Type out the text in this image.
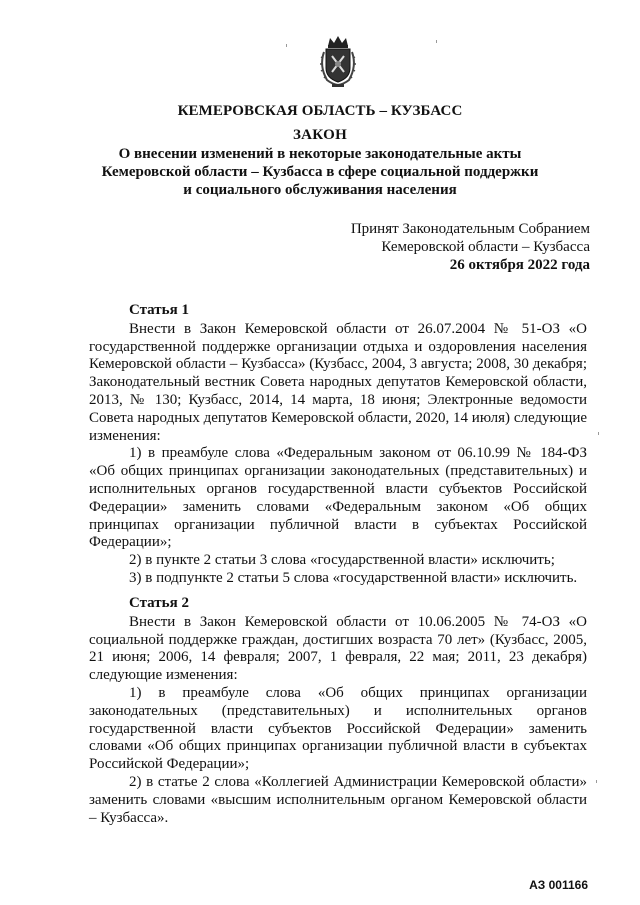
КЕМЕРОВСКАЯ ОБЛАСТЬ – КУЗБАСС
ЗАКОН
О внесении изменений в некоторые законодательные акты
Кемеровской области – Кузбасса в сфере социальной поддержки
и социального обслуживания населения
Принят Законодательным Собранием
Кемеровской области – Кузбасса
26 октября 2022 года
Статья 1

Внести в Закон Кемеровской области от 26.07.2004 № 51-ОЗ «О государственной поддержке организации отдыха и оздоровления населения Кемеровской области – Кузбасса» (Кузбасс, 2004, 3 августа; 2008, 30 декабря; Законодательный вестник Совета народных депутатов Кемеровской области, 2013, № 130; Кузбасс, 2014, 14 марта, 18 июня; Электронные ведомости Совета народных депутатов Кемеровской области, 2020, 14 июля) следующие изменения:

1) в преамбуле слова «Федеральным законом от 06.10.99 № 184-ФЗ «Об общих принципах организации законодательных (представительных) и исполнительных органов государственной власти субъектов Российской Федерации» заменить словами «Федеральным законом «Об общих принципах организации публичной власти в субъектах Российской Федерации»;

2) в пункте 2 статьи 3 слова «государственной власти» исключить;

3) в подпункте 2 статьи 5 слова «государственной власти» исключить.

Статья 2

Внести в Закон Кемеровской области от 10.06.2005 № 74-ОЗ «О социальной поддержке граждан, достигших возраста 70 лет» (Кузбасс, 2005, 21 июня; 2006, 14 февраля; 2007, 1 февраля, 22 мая; 2011, 23 декабря) следующие изменения:

1) в преамбуле слова «Об общих принципах организации законодательных (представительных) и исполнительных органов государственной власти субъектов Российской Федерации» заменить словами «Об общих принципах организации публичной власти в субъектах Российской Федерации»;

2) в статье 2 слова «Коллегией Администрации Кемеровской области» заменить словами «высшим исполнительным органом Кемеровской области – Кузбасса».

АЗ 001166
